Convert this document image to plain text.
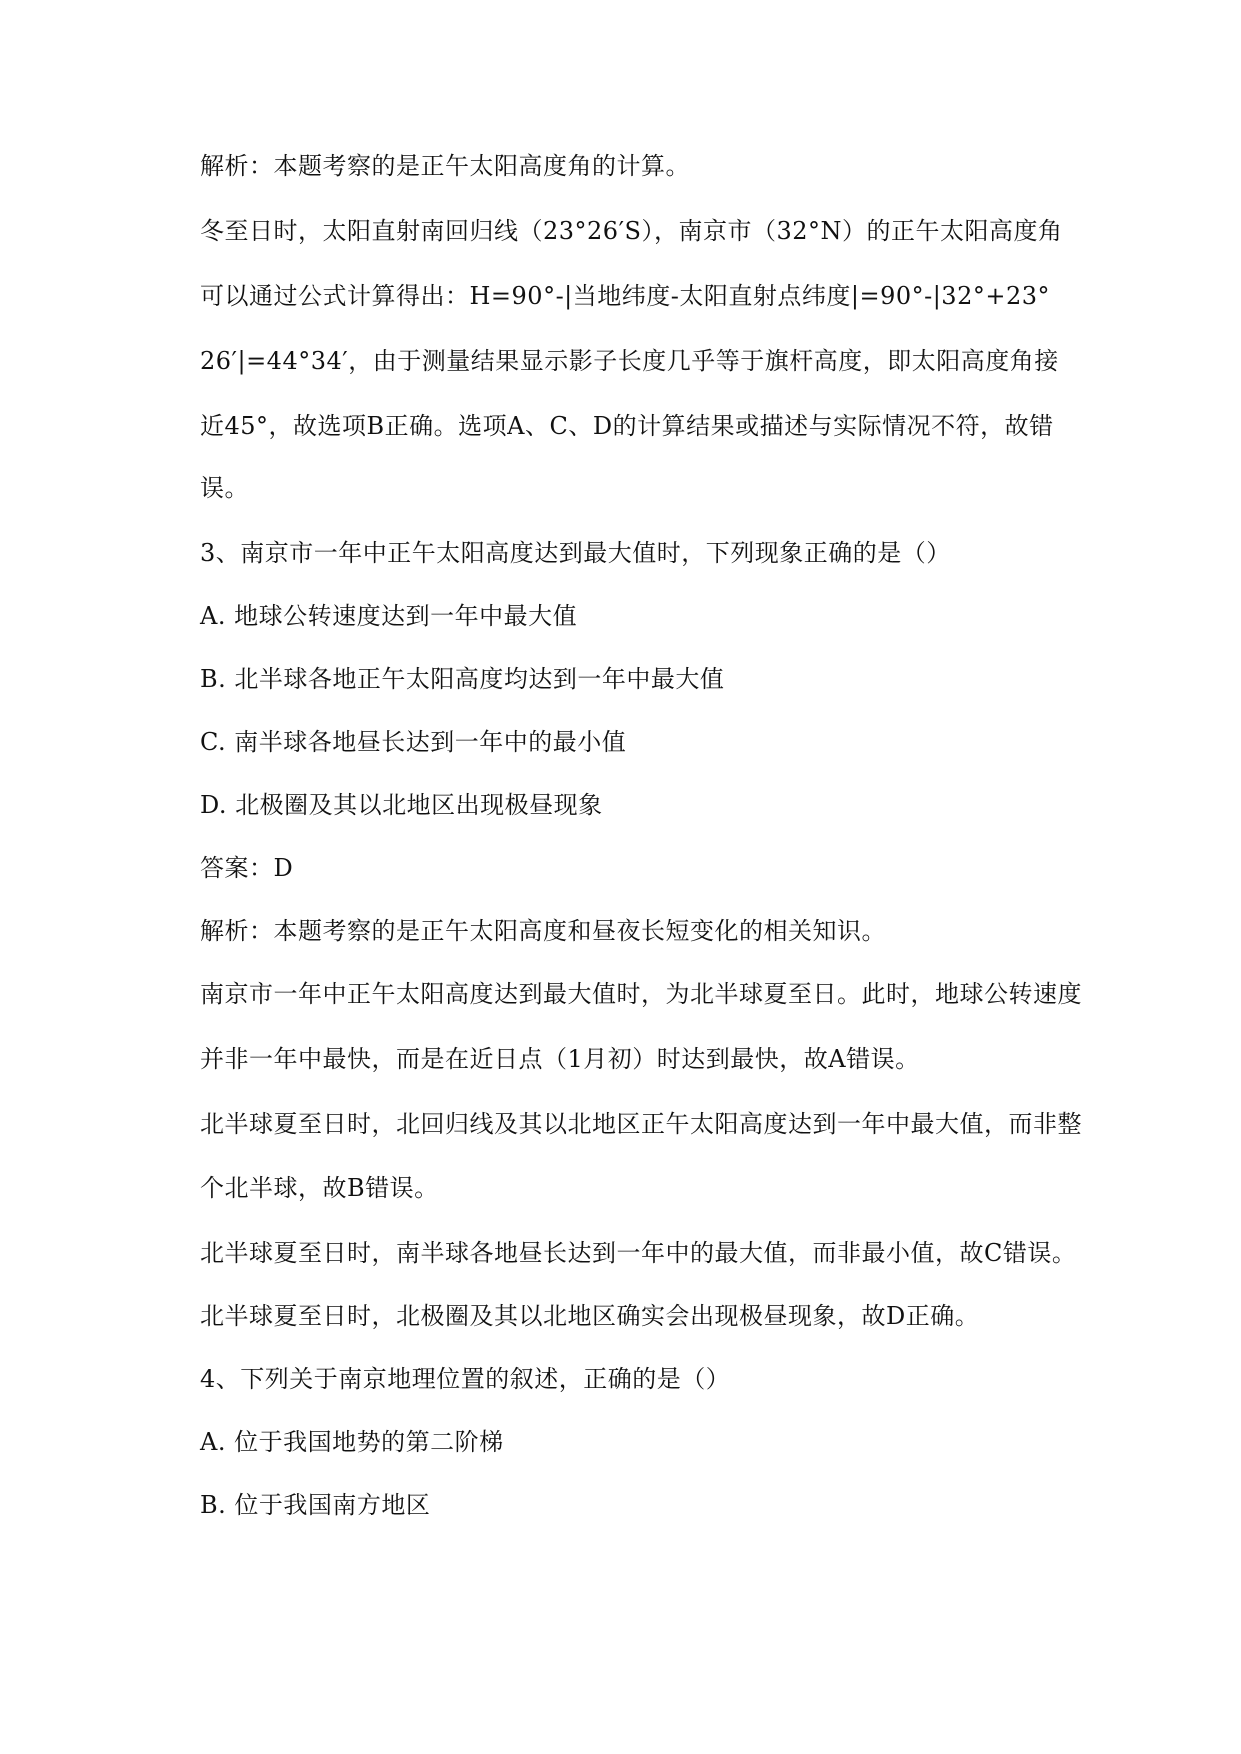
解析：本题考察的是正午太阳高度角的计算。
冬至日时，太阳直射南回归线（23°26′S），南京市（32°N）的正午太阳高度角
可以通过公式计算得出：H=90°-|当地纬度-太阳直射点纬度|=90°-|32°+23°
26′|=44°34′，由于测量结果显示影子长度几乎等于旗杆高度，即太阳高度角接
近45°，故选项B正确。选项A、C、D的计算结果或描述与实际情况不符，故错
误。
3、南京市一年中正午太阳高度达到最大值时，下列现象正确的是（）
A. 地球公转速度达到一年中最大值
B. 北半球各地正午太阳高度均达到一年中最大值
C. 南半球各地昼长达到一年中的最小值
D. 北极圈及其以北地区出现极昼现象
答案：D
解析：本题考察的是正午太阳高度和昼夜长短变化的相关知识。
南京市一年中正午太阳高度达到最大值时，为北半球夏至日。此时，地球公转速度
并非一年中最快，而是在近日点（1月初）时达到最快，故A错误。
北半球夏至日时，北回归线及其以北地区正午太阳高度达到一年中最大值，而非整
个北半球，故B错误。
北半球夏至日时，南半球各地昼长达到一年中的最大值，而非最小值，故C错误。
北半球夏至日时，北极圈及其以北地区确实会出现极昼现象，故D正确。
4、下列关于南京地理位置的叙述，正确的是（）
A. 位于我国地势的第二阶梯
B. 位于我国南方地区
